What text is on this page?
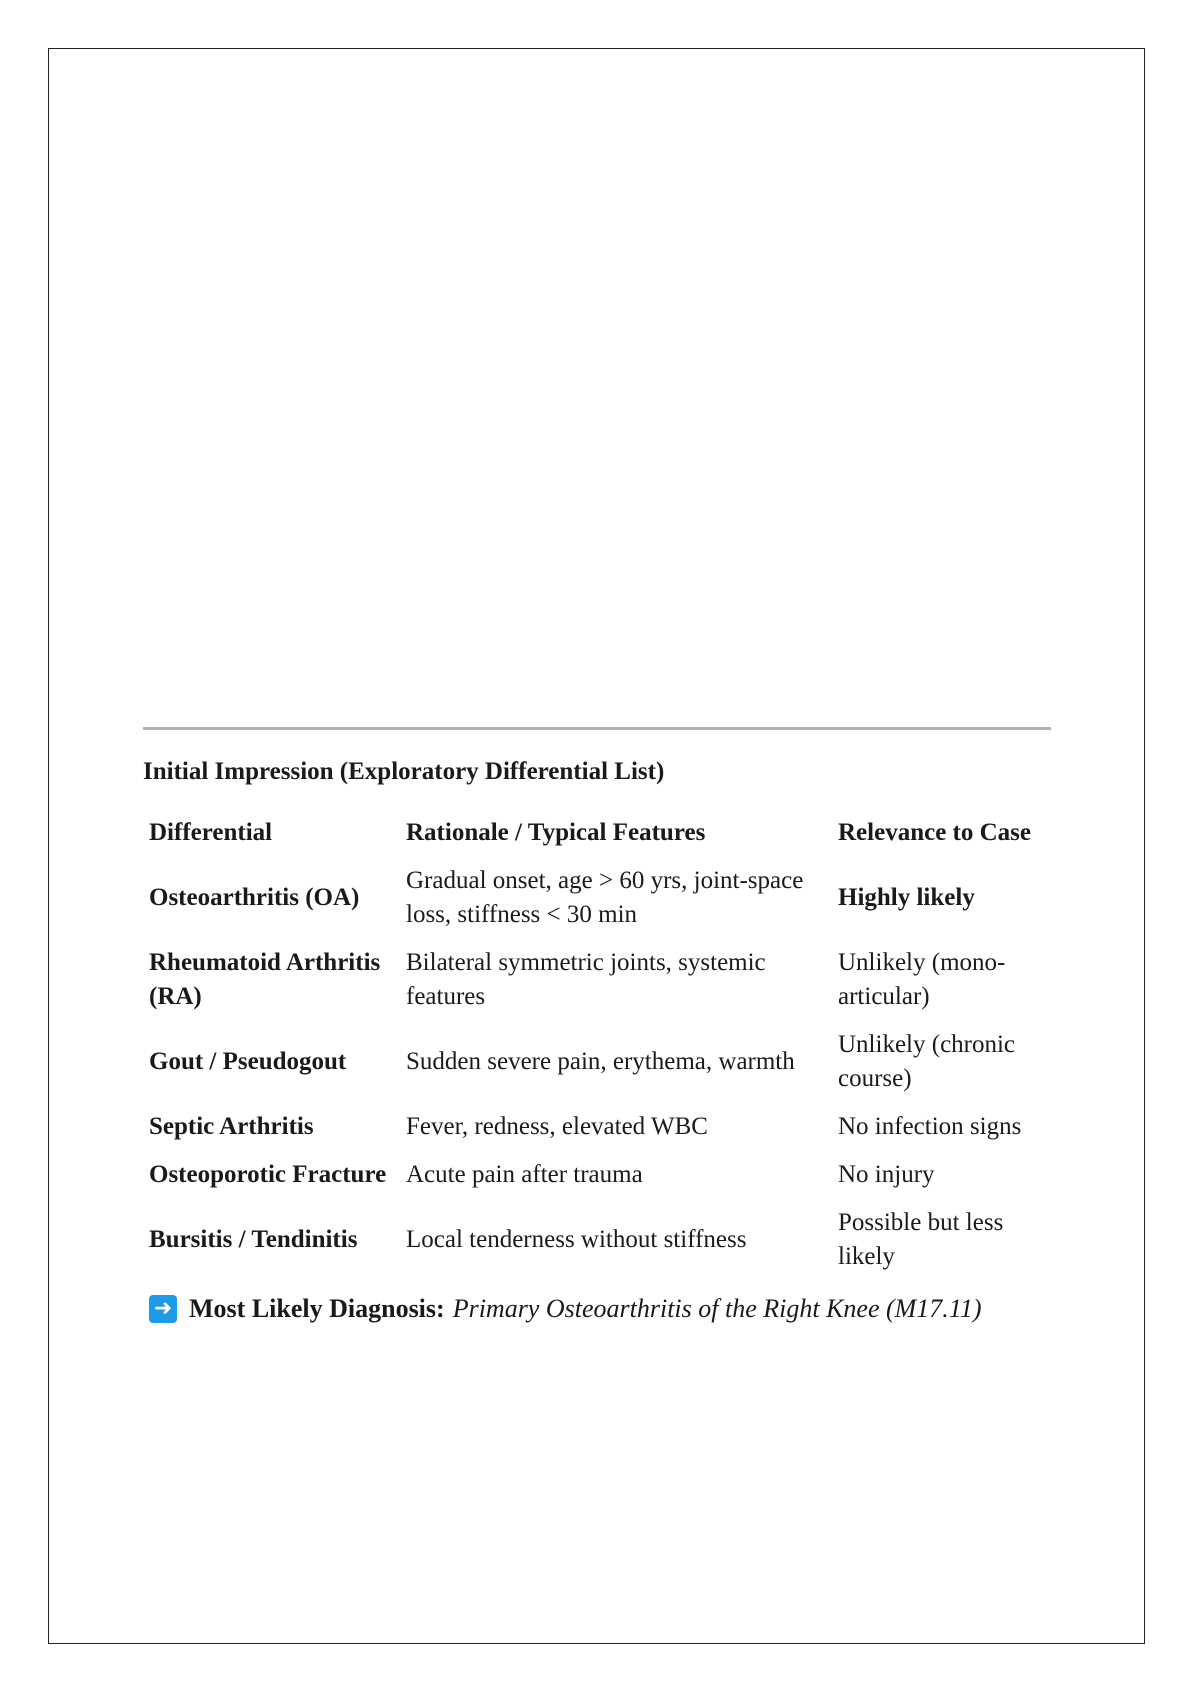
Initial Impression (Exploratory Differential List)
Differential	Rationale / Typical Features	Relevance to Case
Osteoarthritis (OA)	Gradual onset, age > 60 yrs, joint-space loss, stiffness < 30 min	Highly likely
Rheumatoid Arthritis (RA)	Bilateral symmetric joints, systemic features	Unlikely (mono-articular)
Gout / Pseudogout	Sudden severe pain, erythema, warmth	Unlikely (chronic course)
Septic Arthritis	Fever, redness, elevated WBC	No infection signs
Osteoporotic Fracture	Acute pain after trauma	No injury
Bursitis / Tendinitis	Local tenderness without stiffness	Possible but less likely
➜ Most Likely Diagnosis: Primary Osteoarthritis of the Right Knee (M17.11)
